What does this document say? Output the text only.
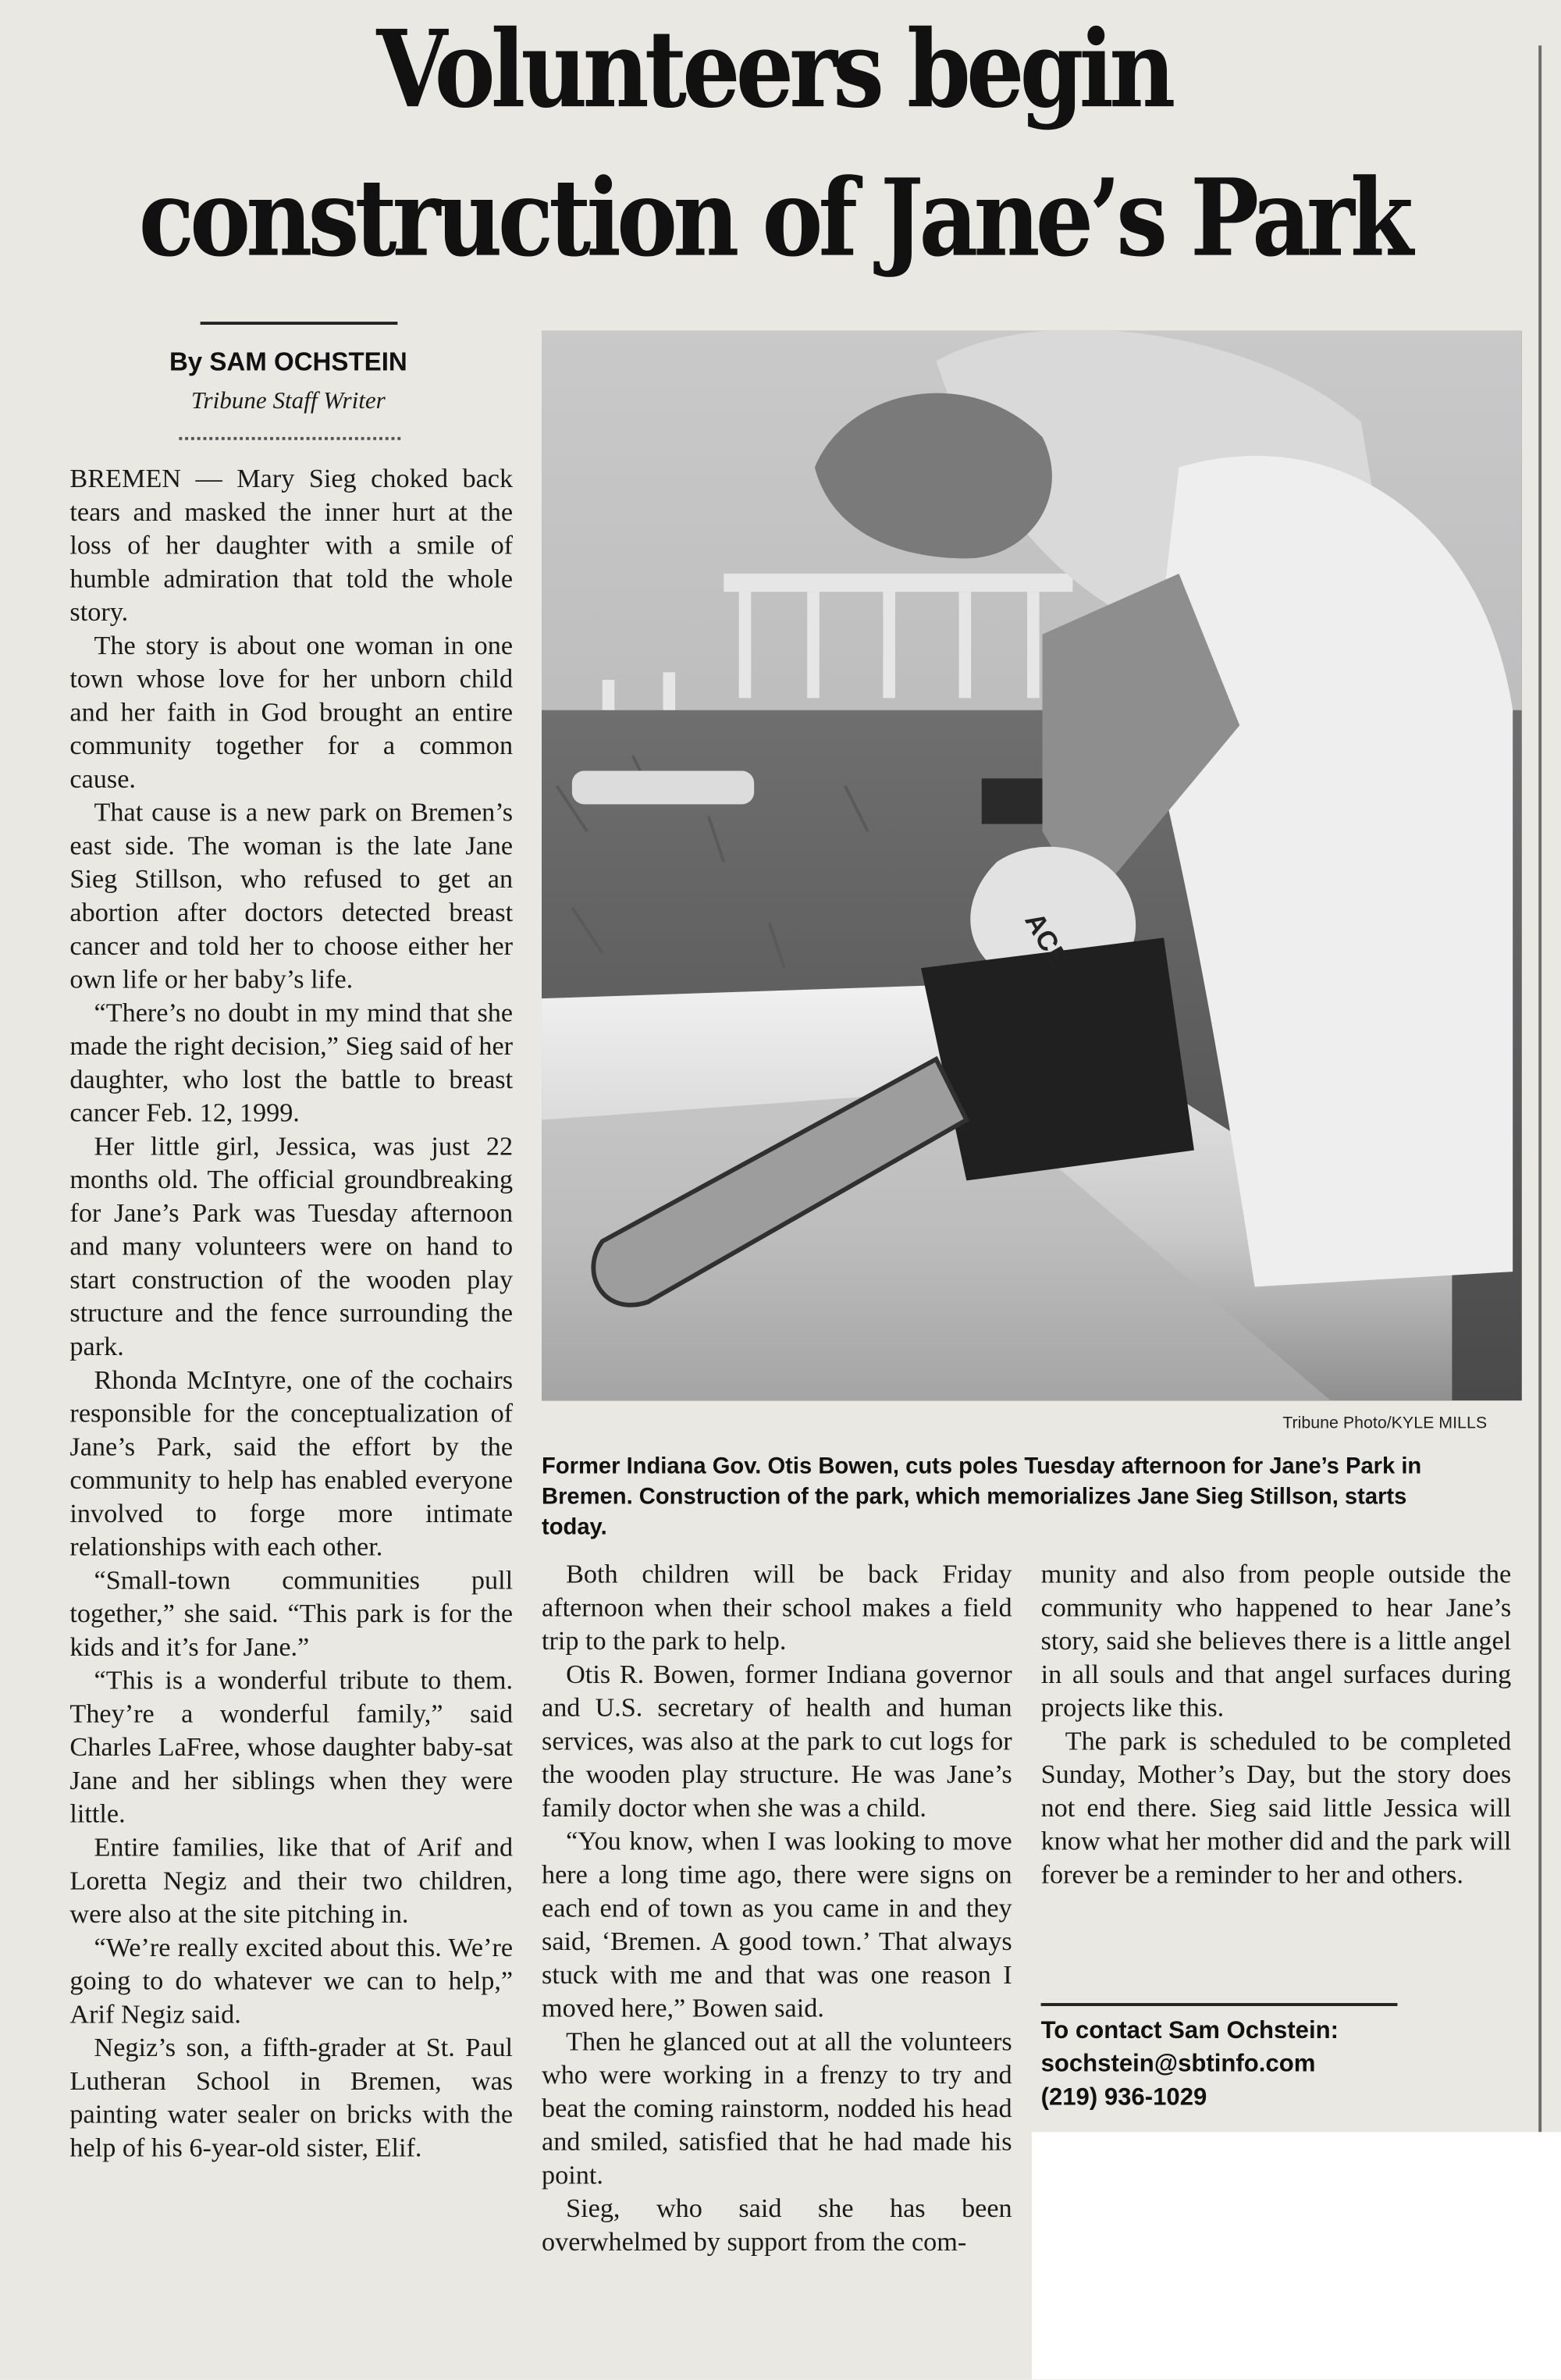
Volunteers begin
construction of Jane’s Park
By SAM OCHSTEIN
Tribune Staff Writer

BREMEN — Mary Sieg choked back tears and masked the inner hurt at the loss of her daughter with a smile of humble admiration that told the whole story.

The story is about one woman in one town whose love for her unborn child and her faith in God brought an entire community together for a common cause.

That cause is a new park on Bremen’s east side. The woman is the late Jane Sieg Stillson, who refused to get an abortion after doctors detected breast cancer and told her to choose either her own life or her baby’s life.

“There’s no doubt in my mind that she made the right decision,” Sieg said of her daughter, who lost the battle to breast cancer Feb. 12, 1999.

Her little girl, Jessica, was just 22 months old. The official groundbreaking for Jane’s Park was Tuesday afternoon and many volunteers were on hand to start construction of the wooden play structure and the fence surrounding the park.

Rhonda McIntyre, one of the cochairs responsible for the conceptualization of Jane’s Park, said the effort by the community to help has enabled everyone involved to forge more intimate relationships with each other.

“Small-town communities pull together,” she said. “This park is for the kids and it’s for Jane.”

“This is a wonderful tribute to them. They’re a wonderful family,” said Charles LaFree, whose daughter baby-sat Jane and her siblings when they were little.

Entire families, like that of Arif and Loretta Negiz and their two children, were also at the site pitching in.

“We’re really excited about this. We’re going to do whatever we can to help,” Arif Negiz said.

Negiz’s son, a fifth-grader at St. Paul Lutheran School in Bremen, was painting water sealer on bricks with the help of his 6-year-old sister, Elif.

ACE
Tribune Photo/KYLE MILLS
Former Indiana Gov. Otis Bowen, cuts poles Tuesday afternoon for Jane’s Park in Bremen. Construction of the park, which memorializes Jane Sieg Stillson, starts today.

Both children will be back Friday afternoon when their school makes a field trip to the park to help.

Otis R. Bowen, former Indiana governor and U.S. secretary of health and human services, was also at the park to cut logs for the wooden play structure. He was Jane’s family doctor when she was a child.

“You know, when I was looking to move here a long time ago, there were signs on each end of town as you came in and they said, ‘Bremen. A good town.’ That always stuck with me and that was one reason I moved here,” Bowen said.

Then he glanced out at all the volunteers who were working in a frenzy to try and beat the coming rainstorm, nodded his head and smiled, satisfied that he had made his point.

Sieg, who said she has been overwhelmed by support from the com-

munity and also from people outside the community who happened to hear Jane’s story, said she believes there is a little angel in all souls and that angel surfaces during projects like this.

The park is scheduled to be completed Sunday, Mother’s Day, but the story does not end there. Sieg said little Jessica will know what her mother did and the park will forever be a reminder to her and others.

To contact Sam Ochstein:
sochstein@sbtinfo.com
(219) 936-1029
